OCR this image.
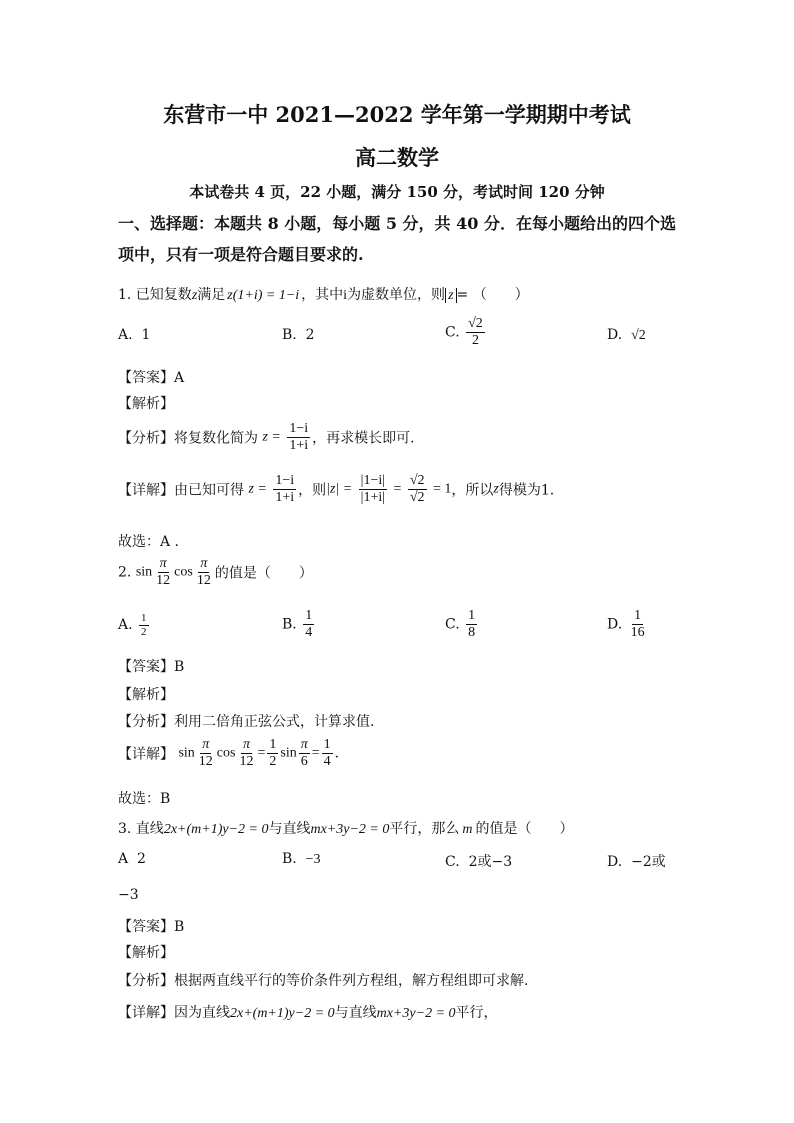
东营市一中 2021—2022 学年第一学期期中考试
高二数学
本试卷共 4 页，22 小题，满分 150 分，考试时间 120 分钟
一、选择题：本题共 8 小题，每小题 5 分，共 40 分．在每小题给出的四个选
项中，只有一项是符合题目要求的.
1. 已知复数z满足 z(1+i) = 1−i ，其中i为虚数单位，则 z = （　　）
A. 1	B. 2	C. $\frac{√2}{2}$	D. √2
【答案】A
【解析】
【分析】将复数化简为 $z = \frac{1-i}{1+i}$ ，再求模长即可.
【详解】由已知可得 $z = \frac{1-i}{1+i}$ ，则$|z| = \frac{|1-i|}{|1+i|} = \frac{√2}{√2} = 1$，所以z得模为1.
故选：A .
2. $\sin \frac{\pi}{12}$ $\cos \frac{\pi}{12}$ 的值是（　　）
A. $\frac{1}{2}$	B. $\frac{1}{4}$	C. $\frac{1}{8}$	D. $\frac{1}{16}$
【答案】B
【解析】
【分析】利用二倍角正弦公式，计算求值.
【详解】 $\sin \frac{\pi}{12}$ $\cos \frac{\pi}{12} = \frac{1}{2}$ $\sin \frac{\pi}{6} = \frac{1}{4}$ .
故选：B
3. 直线2x+(m+1)y−2 = 0与直线mx+3y−2 = 0平行，那么 m 的值是（　　）
A 2	B. −3	C. 2或−3	D. −2或
−3
【答案】B
【解析】
【分析】根据两直线平行的等价条件列方程组，解方程组即可求解.
【详解】因为直线2x+(m+1)y−2 = 0与直线mx+3y−2 = 0平行，
